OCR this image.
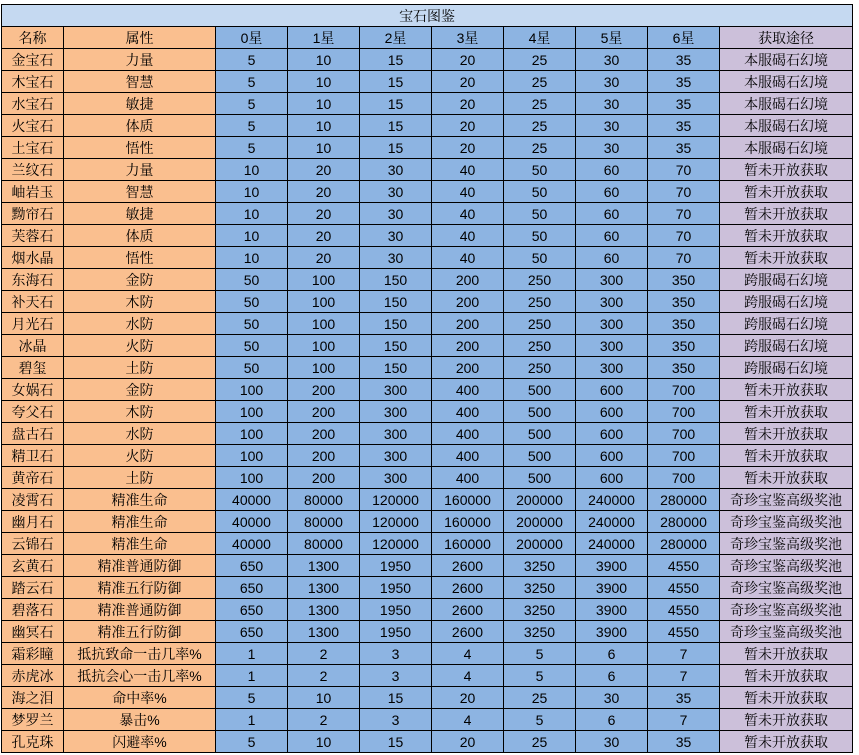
宝石图鉴									
名称	属性	0星	1星	2星	3星	4星	5星	6星	获取途径
金宝石	力量	5	10	15	20	25	30	35	本服碣石幻境
木宝石	智慧	5	10	15	20	25	30	35	本服碣石幻境
水宝石	敏捷	5	10	15	20	25	30	35	本服碣石幻境
火宝石	体质	5	10	15	20	25	30	35	本服碣石幻境
土宝石	悟性	5	10	15	20	25	30	35	本服碣石幻境
兰纹石	力量	10	20	30	40	50	60	70	暂未开放获取
岫岩玉	智慧	10	20	30	40	50	60	70	暂未开放获取
黝帘石	敏捷	10	20	30	40	50	60	70	暂未开放获取
芙蓉石	体质	10	20	30	40	50	60	70	暂未开放获取
烟水晶	悟性	10	20	30	40	50	60	70	暂未开放获取
东海石	金防	50	100	150	200	250	300	350	跨服碣石幻境
补天石	木防	50	100	150	200	250	300	350	跨服碣石幻境
月光石	水防	50	100	150	200	250	300	350	跨服碣石幻境
冰晶	火防	50	100	150	200	250	300	350	跨服碣石幻境
碧玺	土防	50	100	150	200	250	300	350	跨服碣石幻境
女娲石	金防	100	200	300	400	500	600	700	暂未开放获取
夸父石	木防	100	200	300	400	500	600	700	暂未开放获取
盘古石	水防	100	200	300	400	500	600	700	暂未开放获取
精卫石	火防	100	200	300	400	500	600	700	暂未开放获取
黄帝石	土防	100	200	300	400	500	600	700	暂未开放获取
凌霄石	精准生命	40000	80000	120000	160000	200000	240000	280000	奇珍宝鉴高级奖池
幽月石	精准生命	40000	80000	120000	160000	200000	240000	280000	奇珍宝鉴高级奖池
云锦石	精准生命	40000	80000	120000	160000	200000	240000	280000	奇珍宝鉴高级奖池
玄黄石	精准普通防御	650	1300	1950	2600	3250	3900	4550	奇珍宝鉴高级奖池
踏云石	精准五行防御	650	1300	1950	2600	3250	3900	4550	奇珍宝鉴高级奖池
碧落石	精准普通防御	650	1300	1950	2600	3250	3900	4550	奇珍宝鉴高级奖池
幽冥石	精准五行防御	650	1300	1950	2600	3250	3900	4550	奇珍宝鉴高级奖池
霜彩瞳	抵抗致命一击几率%	1	2	3	4	5	6	7	暂未开放获取
赤虎冰	抵抗会心一击几率%	1	2	3	4	5	6	7	暂未开放获取
海之泪	命中率%	5	10	15	20	25	30	35	暂未开放获取
梦罗兰	暴击%	1	2	3	4	5	6	7	暂未开放获取
孔克珠	闪避率%	5	10	15	20	25	30	35	暂未开放获取
